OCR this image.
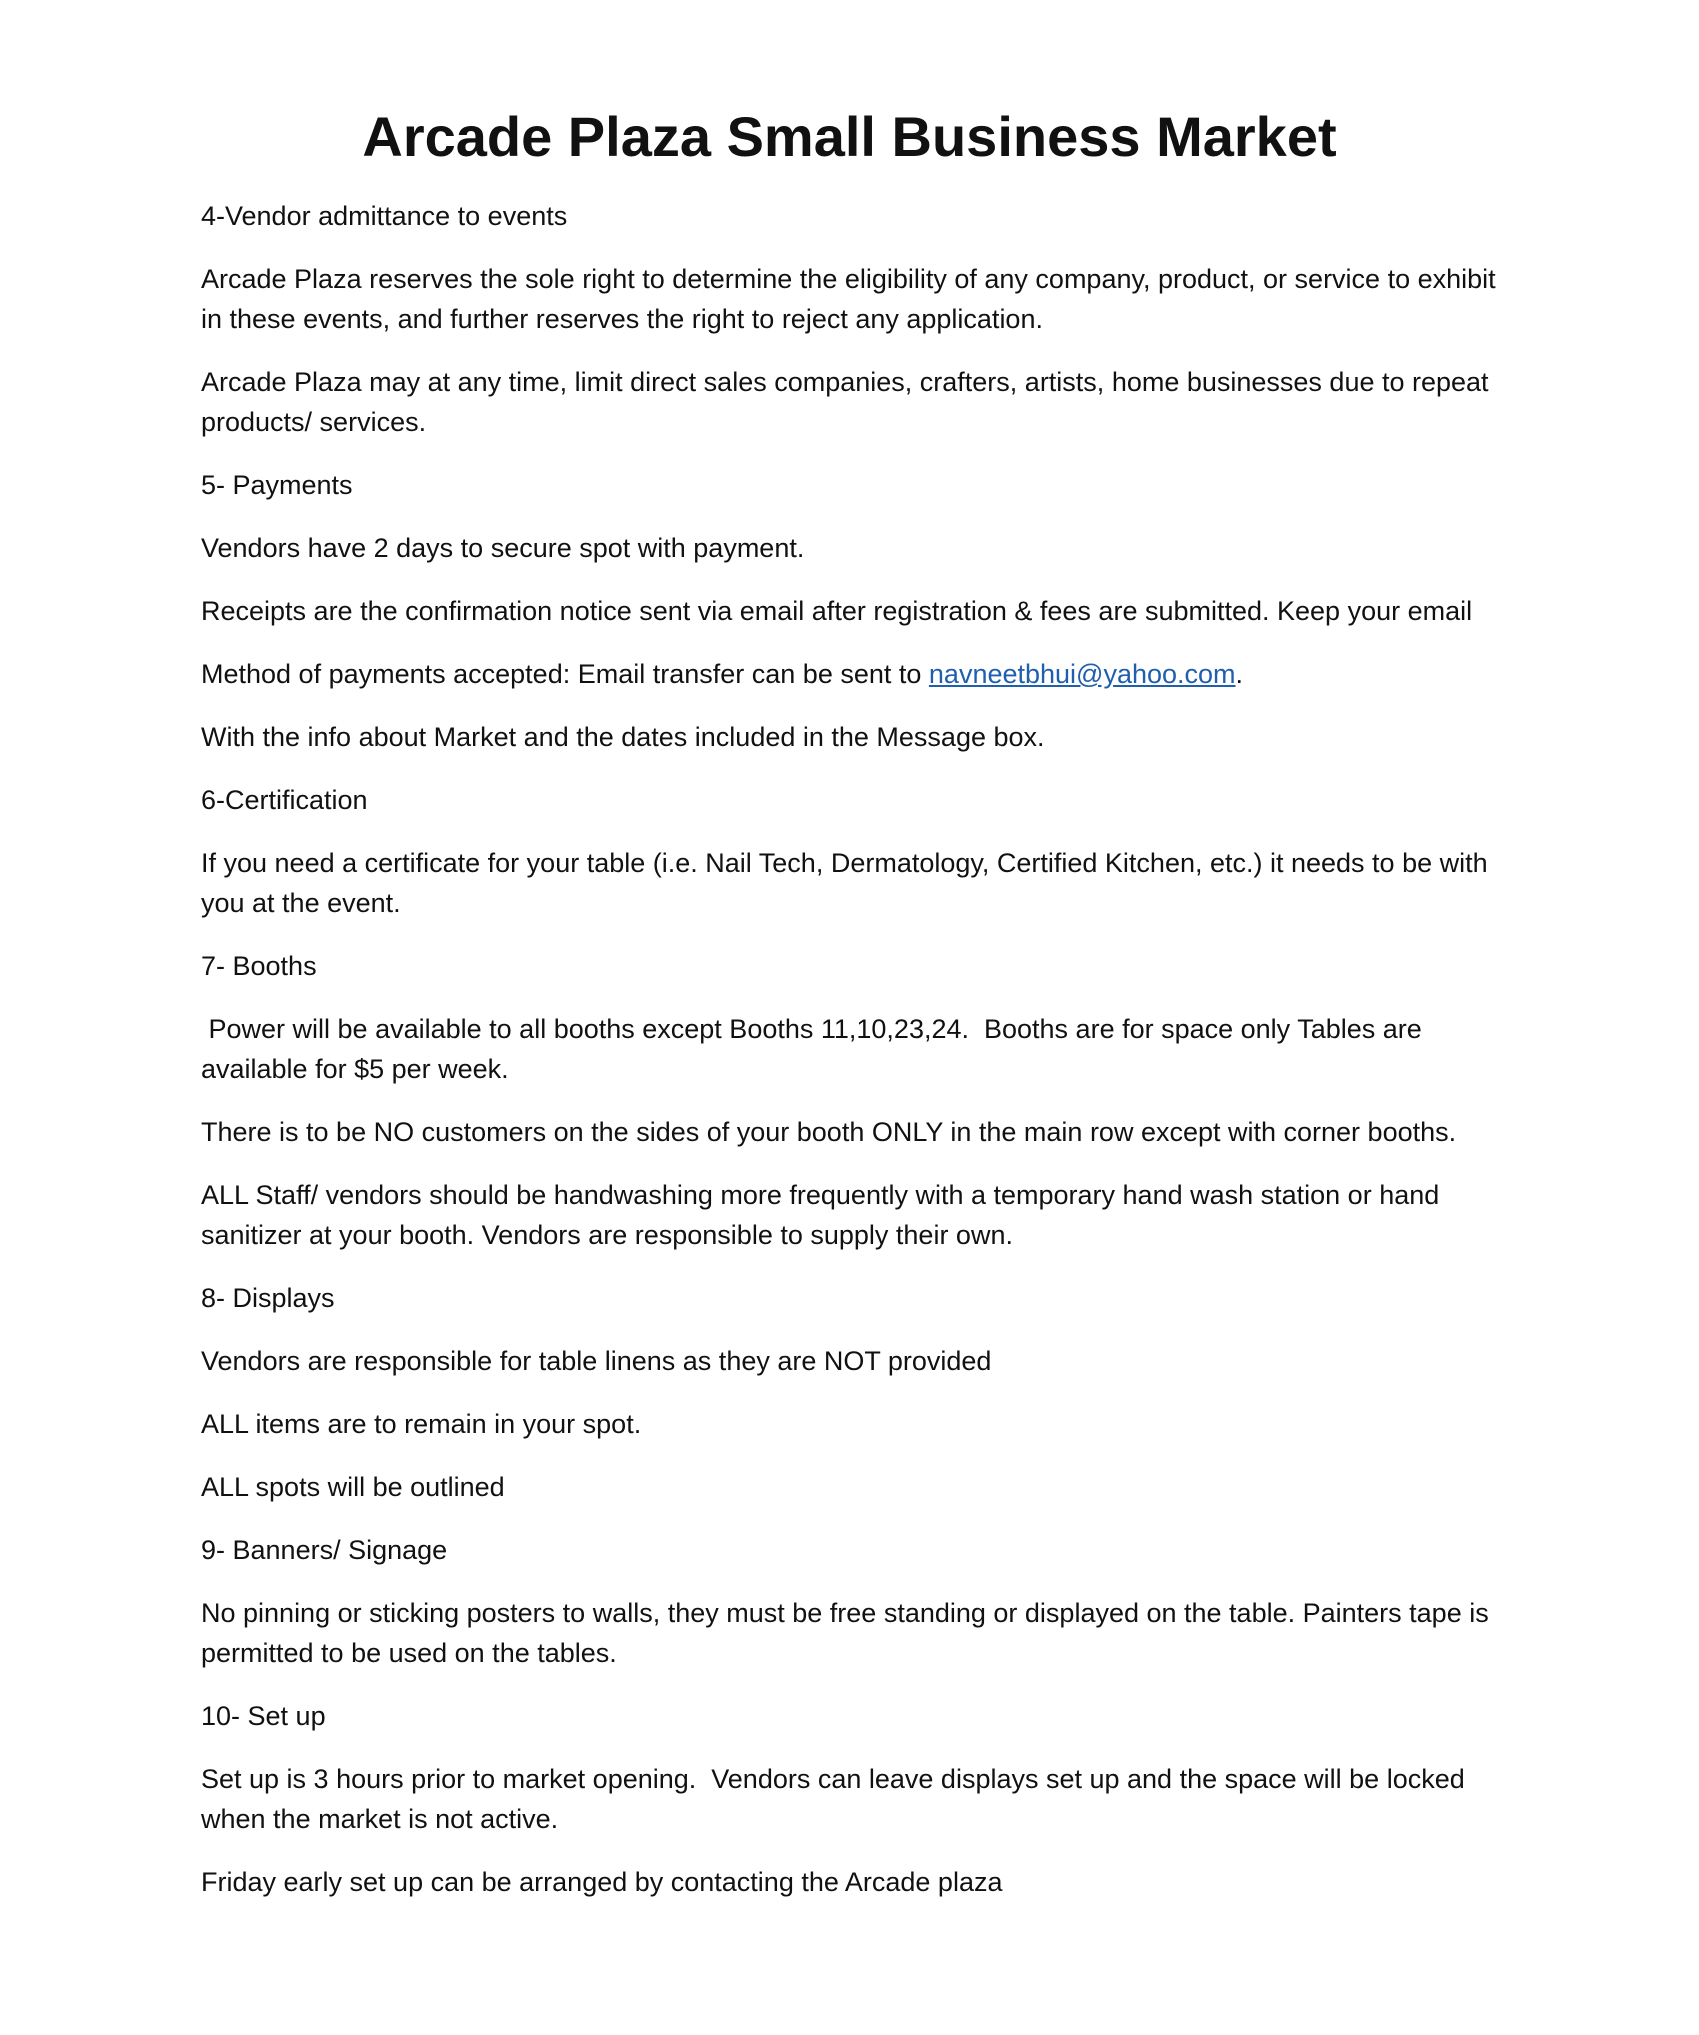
Arcade Plaza Small Business Market

4-Vendor admittance to events

Arcade Plaza reserves the sole right to determine the eligibility of any company, product, or service to exhibit in these events, and further reserves the right to reject any application.

Arcade Plaza may at any time, limit direct sales companies, crafters, artists, home businesses due to repeat products/ services.

5- Payments

Vendors have 2 days to secure spot with payment.

Receipts are the confirmation notice sent via email after registration & fees are submitted. Keep your email

Method of payments accepted: Email transfer can be sent to navneetbhui@yahoo.com.

With the info about Market and the dates included in the Message box.

6-Certification

If you need a certificate for your table (i.e. Nail Tech, Dermatology, Certified Kitchen, etc.) it needs to be with you at the event.

7- Booths

Power will be available to all booths except Booths 11,10,23,24.  Booths are for space only Tables are available for $5 per week.

There is to be NO customers on the sides of your booth ONLY in the main row except with corner booths.

ALL Staff/ vendors should be handwashing more frequently with a temporary hand wash station or hand sanitizer at your booth. Vendors are responsible to supply their own.

8- Displays

Vendors are responsible for table linens as they are NOT provided

ALL items are to remain in your spot.

ALL spots will be outlined

9- Banners/ Signage

No pinning or sticking posters to walls, they must be free standing or displayed on the table. Painters tape is permitted to be used on the tables.

10- Set up

Set up is 3 hours prior to market opening.  Vendors can leave displays set up and the space will be locked when the market is not active.

Friday early set up can be arranged by contacting the Arcade plaza
